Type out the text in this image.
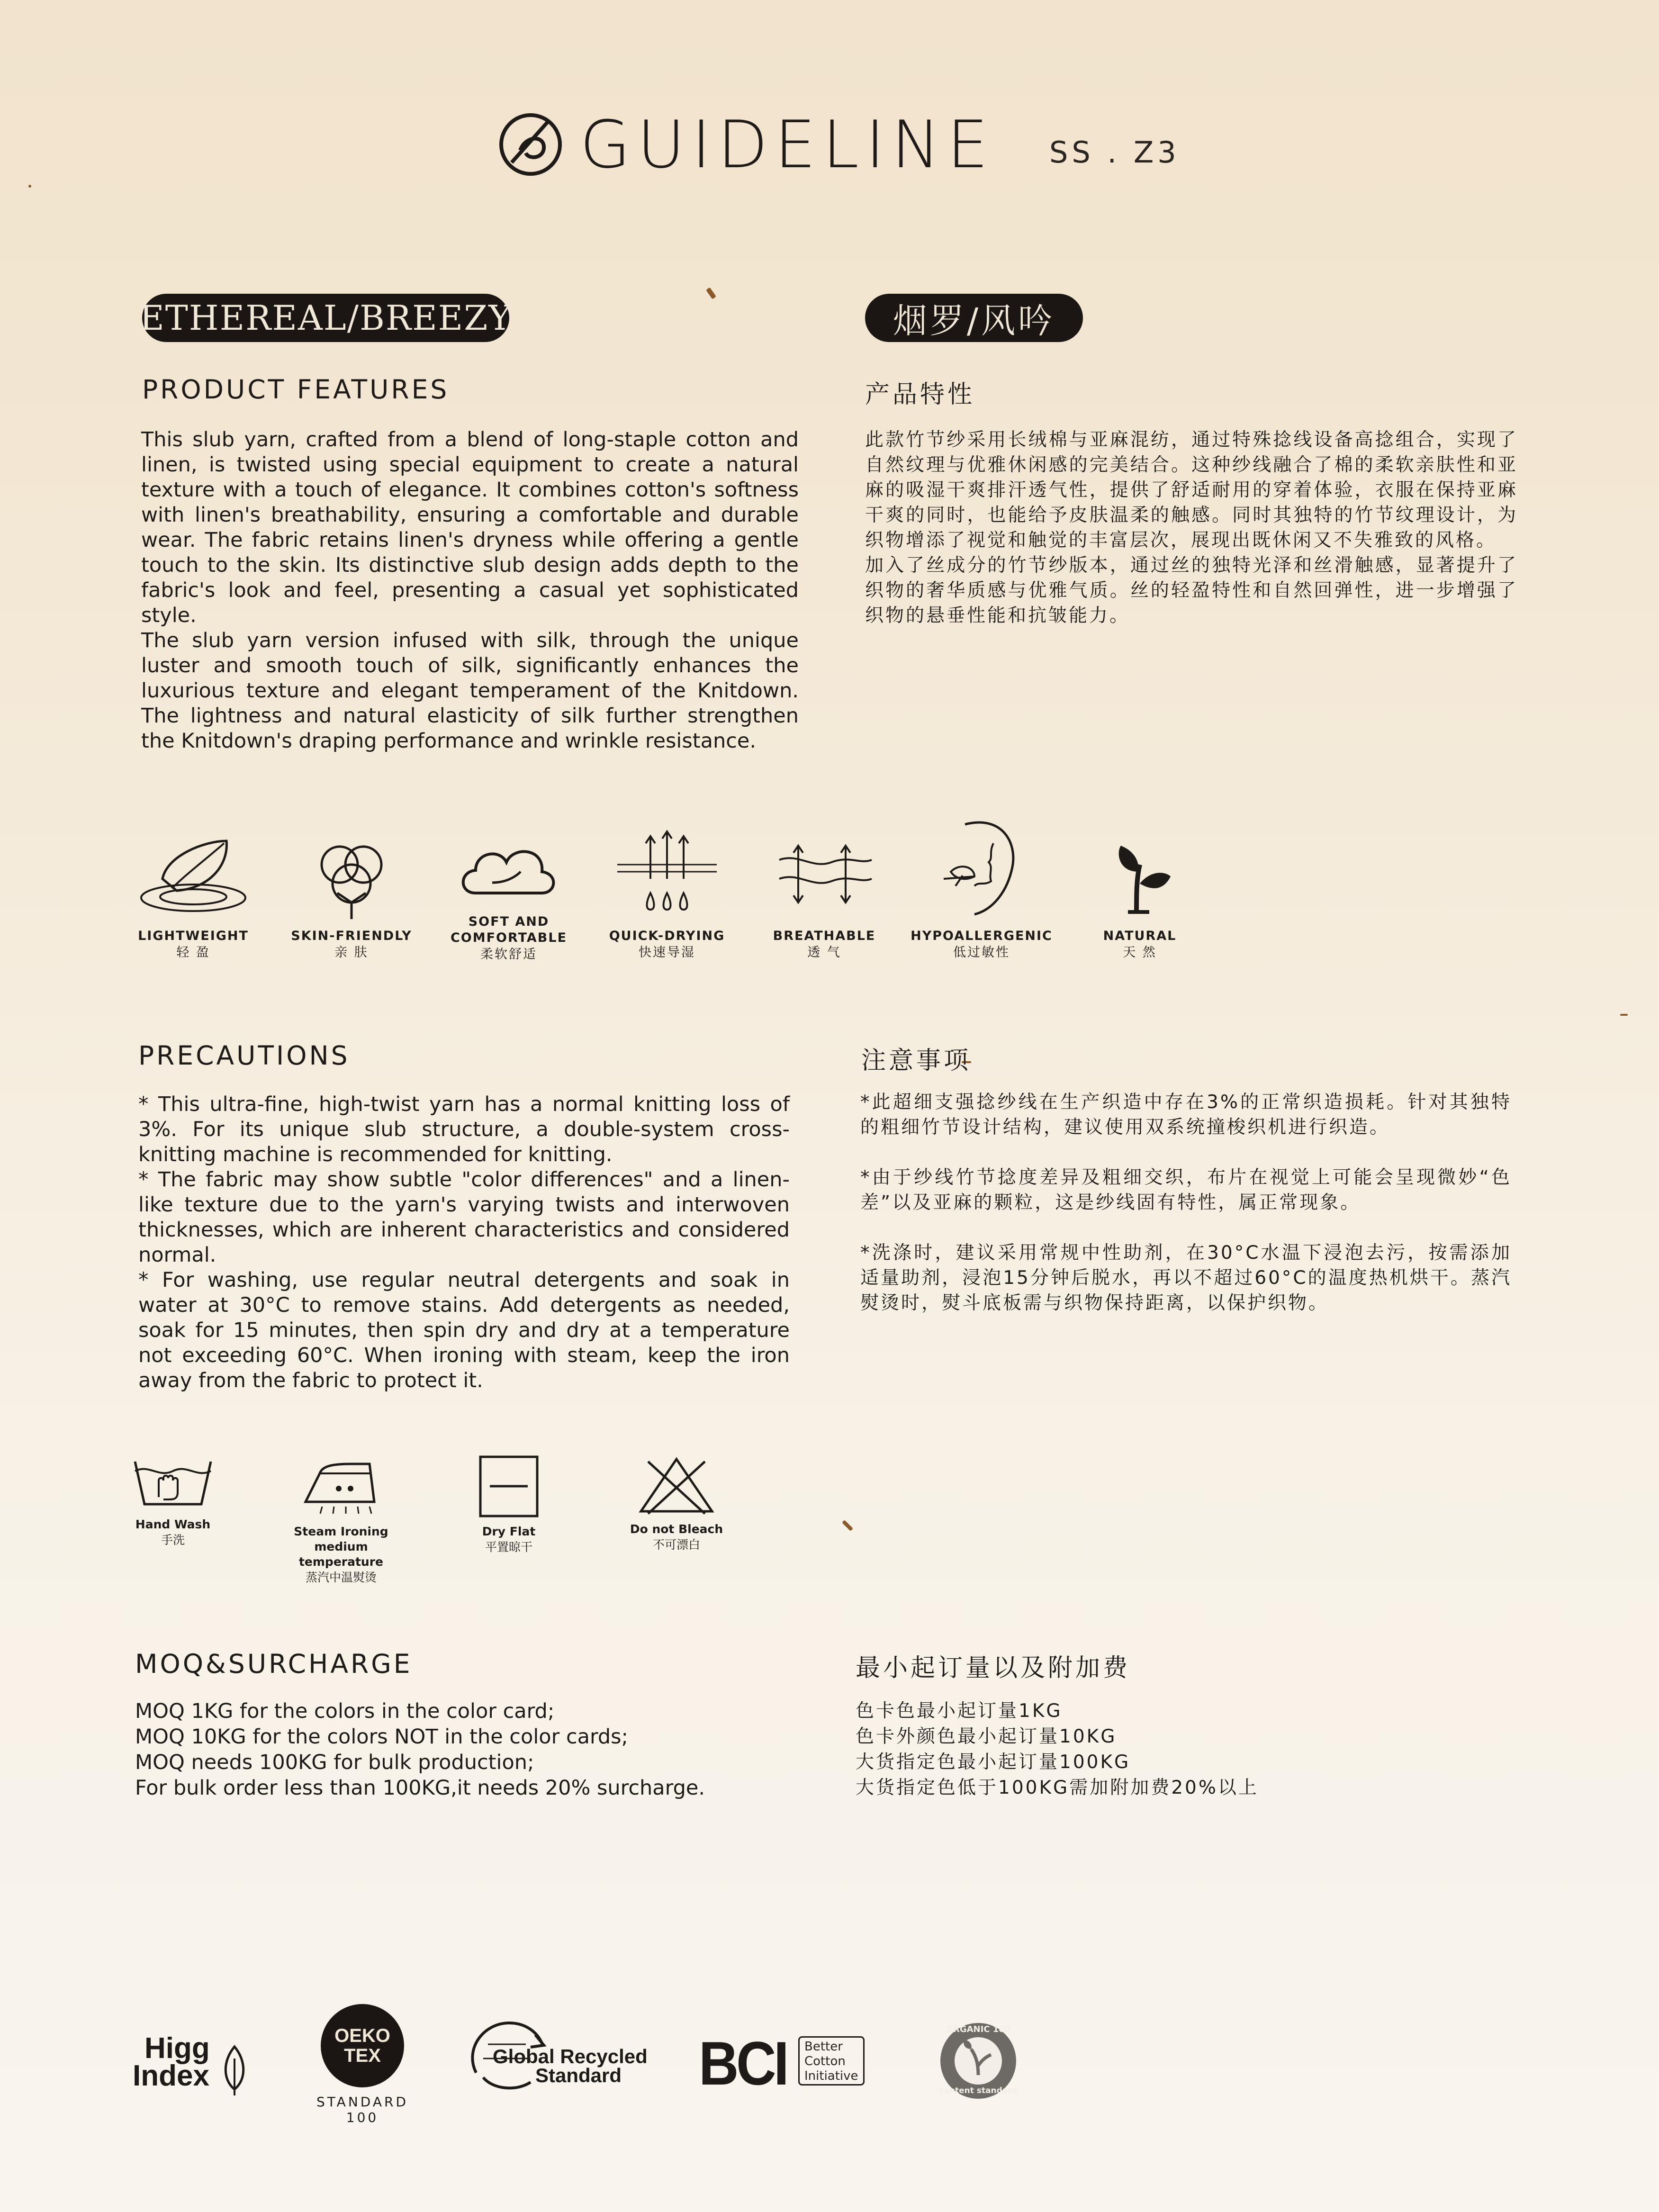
GUIDELINE SS . Z3
ETHEREAL/BREEZY	烟罗/风吟
PRODUCT FEATURES	产品特性

This slub yarn, crafted from a blend of long-staple cotton and linen, is twisted using special equipment to create a natural texture with a touch of elegance. It combines cotton's softness with linen's breathability, ensuring a comfortable and durable wear. The fabric retains linen's dryness while offering a gentle touch to the skin. Its distinctive slub design adds depth to the fabric's look and feel, presenting a casual yet sophisticated style.

The slub yarn version infused with silk, through the unique luster and smooth touch of silk, significantly enhances the luxurious texture and elegant temperament of the Knitdown. The lightness and natural elasticity of silk further strengthen the Knitdown's draping performance and wrinkle resistance.

此款竹节纱采用长绒棉与亚麻混纺，通过特殊捻线设备高捻组合，实现了自然纹理与优雅休闲感的完美结合。这种纱线融合了棉的柔软亲肤性和亚麻的吸湿干爽排汗透气性，提供了舒适耐用的穿着体验，衣服在保持亚麻干爽的同时，也能给予皮肤温柔的触感。同时其独特的竹节纹理设计，为织物增添了视觉和触觉的丰富层次，展现出既休闲又不失雅致的风格。

加入了丝成分的竹节纱版本，通过丝的独特光泽和丝滑触感，显著提升了织物的奢华质感与优雅气质。丝的轻盈特性和自然回弹性，进一步增强了织物的悬垂性能和抗皱能力。

LIGHTWEIGHT
轻 盈
SKIN-FRIENDLY
亲 肤
SOFT AND
COMFORTABLE
柔软舒适
QUICK-DRYING
快速导湿
BREATHABLE
透 气
HYPOALLERGENIC
低过敏性
NATURAL
天 然
PRECAUTIONS	注意事项

* This ultra-fine, high-twist yarn has a normal knitting loss of 3%. For its unique slub structure, a double-system cross-knitting machine is recommended for knitting.

* The fabric may show subtle "color differences" and a linen-like texture due to the yarn's varying twists and interwoven thicknesses, which are inherent characteristics and considered normal.

* For washing, use regular neutral detergents and soak in water at 30°C to remove stains. Add detergents as needed, soak for 15 minutes, then spin dry and dry at a temperature not exceeding 60°C. When ironing with steam, keep the iron away from the fabric to protect it.

*此超细支强捻纱线在生产织造中存在3%的正常织造损耗。针对其独特的粗细竹节设计结构，建议使用双系统撞梭织机进行织造。

*由于纱线竹节捻度差异及粗细交织，布片在视觉上可能会呈现微妙“色差”以及亚麻的颗粒，这是纱线固有特性，属正常现象。

*洗涤时，建议采用常规中性助剂，在30°C水温下浸泡去污，按需添加适量助剂，浸泡15分钟后脱水，再以不超过60°C的温度热机烘干。蒸汽熨烫时，熨斗底板需与织物保持距离，以保护织物。

Hand Wash
手洗
Steam Ironing
medium temperature
蒸汽中温熨烫
Dry Flat
平置晾干
Do not Bleach
不可漂白
MOQ&SURCHARGE	最小起订量以及附加费
MOQ 1KG for the colors in the color card;
MOQ 10KG for the colors NOT in the color cards;
MOQ needs 100KG for bulk production;
For bulk order less than 100KG,it needs 20% surcharge.
色卡色最小起订量1KG
色卡外颜色最小起订量10KG
大货指定色最小起订量100KG
大货指定色低于100KG需加附加费20%以上
Higg
Index
OEKO
TEX
STANDARD
100
Global Recycled
Standard BCI Better
Cotton
Initiative
ORGANIC 100
content standard
